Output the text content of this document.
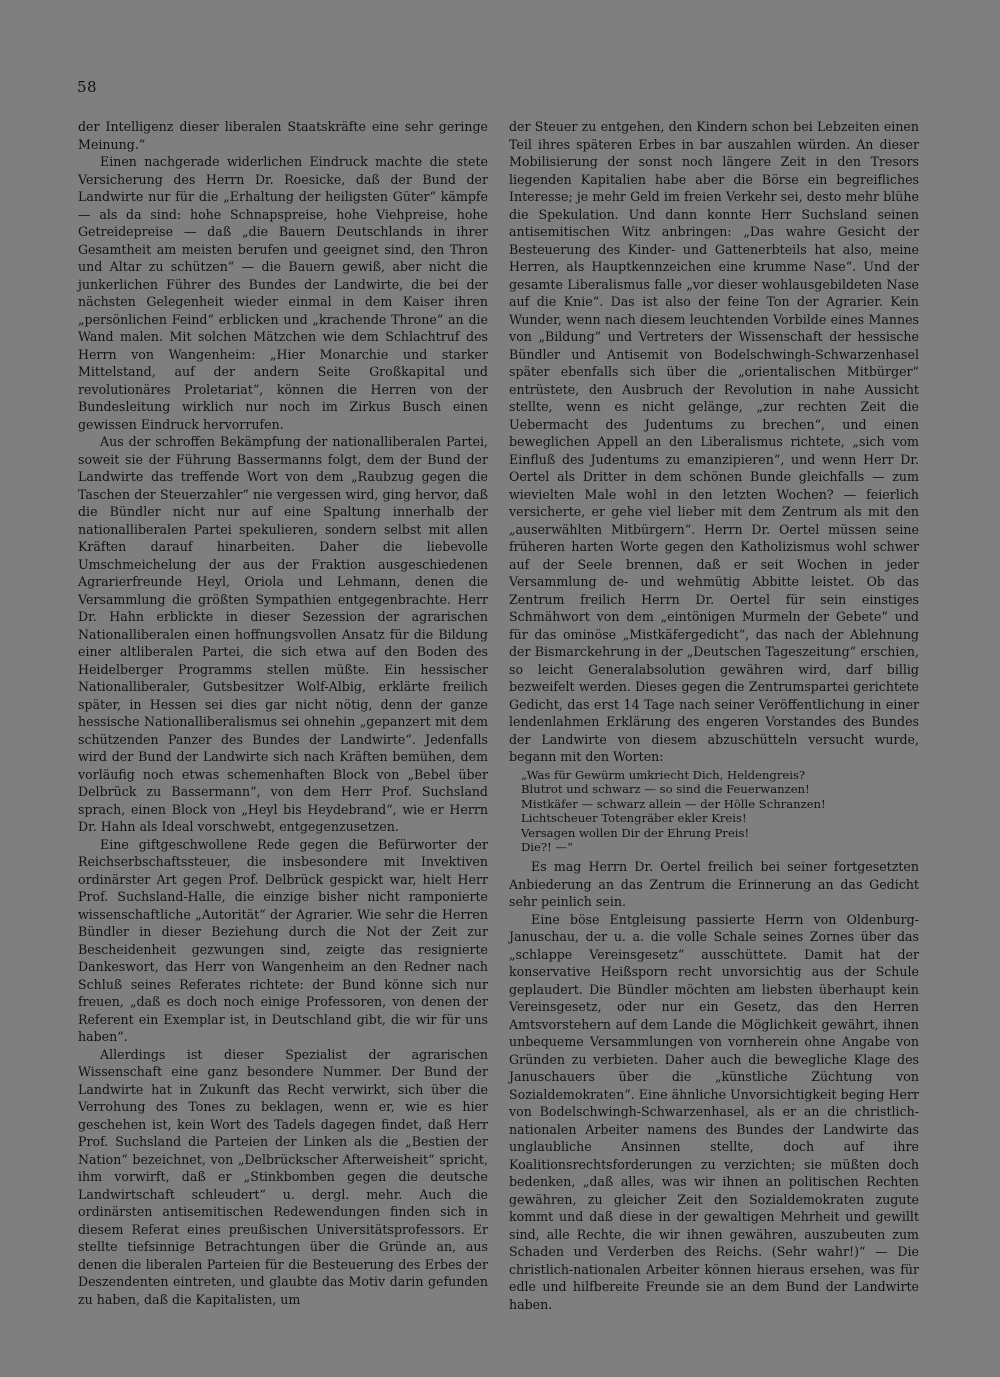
58

der Intelligenz dieser liberalen Staatskräfte eine sehr geringe Meinung.“

Einen nachgerade widerlichen Eindruck machte die stete Versicherung des Herrn Dr. Roesicke, daß der Bund der Landwirte nur für die „Erhaltung der heiligsten Güter“ kämpfe — als da sind: hohe Schnapspreise, hohe Viehpreise, hohe Getreidepreise — daß „die Bauern Deutschlands in ihrer Gesamtheit am meisten berufen und geeignet sind, den Thron und Altar zu schützen“ — die Bauern gewiß, aber nicht die junkerlichen Führer des Bundes der Landwirte, die bei der nächsten Gelegenheit wieder einmal in dem Kaiser ihren „persönlichen Feind“ erblicken und „krachende Throne“ an die Wand malen. Mit solchen Mätzchen wie dem Schlachtruf des Herrn von Wangenheim: „Hier Monarchie und starker Mittelstand, auf der andern Seite Großkapital und revolutionäres Proletariat“, können die Herren von der Bundesleitung wirklich nur noch im Zirkus Busch einen gewissen Eindruck hervorrufen.

Aus der schroffen Bekämpfung der nationalliberalen Partei, soweit sie der Führung Bassermanns folgt, dem der Bund der Landwirte das treffende Wort von dem „Raubzug gegen die Taschen der Steuerzahler“ nie vergessen wird, ging hervor, daß die Bündler nicht nur auf eine Spaltung innerhalb der nationalliberalen Partei spekulieren, sondern selbst mit allen Kräften darauf hinarbeiten. Daher die liebevolle Umschmeichelung der aus der Fraktion ausgeschiedenen Agrarierfreunde Heyl, Oriola und Lehmann, denen die Versammlung die größten Sympathien entgegenbrachte. Herr Dr. Hahn erblickte in dieser Sezession der agrarischen Nationalliberalen einen hoffnungsvollen Ansatz für die Bildung einer altliberalen Partei, die sich etwa auf den Boden des Heidelberger Programms stellen müßte. Ein hessischer Nationalliberaler, Gutsbesitzer Wolf-Albig, erklärte freilich später, in Hessen sei dies gar nicht nötig, denn der ganze hessische Nationalliberalismus sei ohnehin „gepanzert mit dem schützenden Panzer des Bundes der Landwirte“. Jedenfalls wird der Bund der Landwirte sich nach Kräften bemühen, dem vorläufig noch etwas schemenhaften Block von „Bebel über Delbrück zu Bassermann“, von dem Herr Prof. Suchsland sprach, einen Block von „Heyl bis Heydebrand“, wie er Herrn Dr. Hahn als Ideal vorschwebt, entgegenzusetzen.

Eine giftgeschwollene Rede gegen die Befürworter der Reichserbschaftssteuer, die insbesondere mit Invektiven ordinärster Art gegen Prof. Delbrück gespickt war, hielt Herr Prof. Suchsland-Halle, die einzige bisher nicht ramponierte wissenschaftliche „Autorität“ der Agrarier. Wie sehr die Herren Bündler in dieser Beziehung durch die Not der Zeit zur Bescheidenheit gezwungen sind, zeigte das resignierte Dankeswort, das Herr von Wangenheim an den Redner nach Schluß seines Referates richtete: der Bund könne sich nur freuen, „daß es doch noch einige Professoren, von denen der Referent ein Exemplar ist, in Deutschland gibt, die wir für uns haben“.

Allerdings ist dieser Spezialist der agrarischen Wissenschaft eine ganz besondere Nummer. Der Bund der Landwirte hat in Zukunft das Recht verwirkt, sich über die Verrohung des Tones zu beklagen, wenn er, wie es hier geschehen ist, kein Wort des Tadels dagegen findet, daß Herr Prof. Suchsland die Parteien der Linken als die „Bestien der Nation“ bezeichnet, von „Delbrückscher Afterweisheit“ spricht, ihm vorwirft, daß er „Stinkbomben gegen die deutsche Landwirtschaft schleudert“ u. dergl. mehr. Auch die ordinärsten antisemitischen Redewendungen finden sich in diesem Referat eines preußischen Universitätsprofessors. Er stellte tiefsinnige Betrachtungen über die Gründe an, aus denen die liberalen Parteien für die Besteuerung des Erbes der Deszendenten eintreten, und glaubte das Motiv darin gefunden zu haben, daß die Kapitalisten, um

der Steuer zu entgehen, den Kindern schon bei Lebzeiten einen Teil ihres späteren Erbes in bar auszahlen würden. An dieser Mobilisierung der sonst noch längere Zeit in den Tresors liegenden Kapitalien habe aber die Börse ein begreifliches Interesse; je mehr Geld im freien Verkehr sei, desto mehr blühe die Spekulation. Und dann konnte Herr Suchsland seinen antisemitischen Witz anbringen: „Das wahre Gesicht der Besteuerung des Kinder- und Gattenerbteils hat also, meine Herren, als Hauptkennzeichen eine krumme Nase“. Und der gesamte Liberalismus falle „vor dieser wohlausgebildeten Nase auf die Knie“. Das ist also der feine Ton der Agrarier. Kein Wunder, wenn nach diesem leuchtenden Vorbilde eines Mannes von „Bildung“ und Vertreters der Wissenschaft der hessische Bündler und Antisemit von Bodelschwingh-Schwarzenhasel später ebenfalls sich über die „orientalischen Mitbürger“ entrüstete, den Ausbruch der Revolution in nahe Aussicht stellte, wenn es nicht gelänge, „zur rechten Zeit die Uebermacht des Judentums zu brechen“, und einen beweglichen Appell an den Liberalismus richtete, „sich vom Einfluß des Judentums zu emanzipieren“, und wenn Herr Dr. Oertel als Dritter in dem schönen Bunde gleichfalls — zum wievielten Male wohl in den letzten Wochen? — feierlich versicherte, er gehe viel lieber mit dem Zentrum als mit den „auserwählten Mitbürgern“. Herrn Dr. Oertel müssen seine früheren harten Worte gegen den Katholizismus wohl schwer auf der Seele brennen, daß er seit Wochen in jeder Versammlung de- und wehmütig Abbitte leistet. Ob das Zentrum freilich Herrn Dr. Oertel für sein einstiges Schmähwort von dem „eintönigen Murmeln der Gebete“ und für das ominöse „Mistkäfergedicht“, das nach der Ablehnung der Bismarckehrung in der „Deutschen Tageszeitung“ erschien, so leicht Generalabsolution gewähren wird, darf billig bezweifelt werden. Dieses gegen die Zentrumspartei gerichtete Gedicht, das erst 14 Tage nach seiner Veröffentlichung in einer lendenlahmen Erklärung des engeren Vorstandes des Bundes der Landwirte von diesem abzuschütteln versucht wurde, begann mit den Worten:

„Was für Gewürm umkriecht Dich, Heldengreis?
Blutrot und schwarz — so sind die Feuerwanzen!
Mistkäfer — schwarz allein — der Hölle Schranzen!
Lichtscheuer Totengräber ekler Kreis!
Versagen wollen Dir der Ehrung Preis!
Die?! —“

Es mag Herrn Dr. Oertel freilich bei seiner fortgesetzten Anbiederung an das Zentrum die Erinnerung an das Gedicht sehr peinlich sein.

Eine böse Entgleisung passierte Herrn von Oldenburg-Januschau, der u. a. die volle Schale seines Zornes über das „schlappe Vereinsgesetz“ ausschüttete. Damit hat der konservative Heißsporn recht unvorsichtig aus der Schule geplaudert. Die Bündler möchten am liebsten überhaupt kein Vereinsgesetz, oder nur ein Gesetz, das den Herren Amtsvorstehern auf dem Lande die Möglichkeit gewährt, ihnen unbequeme Versammlungen von vornherein ohne Angabe von Gründen zu verbieten. Daher auch die bewegliche Klage des Januschauers über die „künstliche Züchtung von Sozialdemokraten“. Eine ähnliche Unvorsichtigkeit beging Herr von Bodelschwingh-Schwarzenhasel, als er an die christlich-nationalen Arbeiter namens des Bundes der Landwirte das unglaubliche Ansinnen stellte, doch auf ihre Koalitionsrechtsforderungen zu verzichten; sie müßten doch bedenken, „daß alles, was wir ihnen an politischen Rechten gewähren, zu gleicher Zeit den Sozialdemokraten zugute kommt und daß diese in der gewaltigen Mehrheit und gewillt sind, alle Rechte, die wir ihnen gewähren, auszubeuten zum Schaden und Verderben des Reichs. (Sehr wahr!)“ — Die christlich-nationalen Arbeiter können hieraus ersehen, was für edle und hilfbereite Freunde sie an dem Bund der Landwirte haben.
